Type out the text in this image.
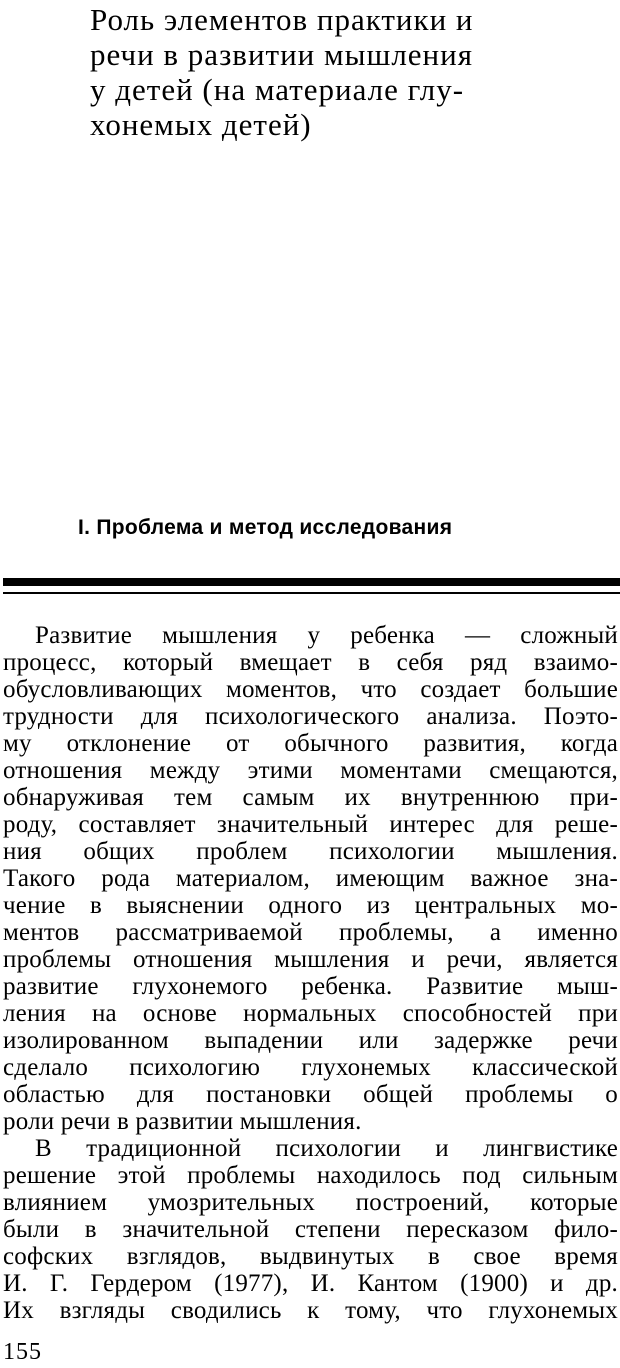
Роль элементов практики и
речи в развитии мышления
у детей (на материале глу-
хонемых детей)
I. Проблема и метод исследования
Развитие мышления у ребенка — сложный
процесс, который вмещает в себя ряд взаимо-
обусловливающих моментов, что создает большие
трудности для психологического анализа. Поэто-
му отклонение от обычного развития, когда
отношения между этими моментами смещаются,
обнаруживая тем самым их внутреннюю при-
роду, составляет значительный интерес для реше-
ния общих проблем психологии мышления.
Такого рода материалом, имеющим важное зна-
чение в выяснении одного из центральных мо-
ментов рассматриваемой проблемы, а именно
проблемы отношения мышления и речи, является
развитие глухонемого ребенка. Развитие мыш-
ления на основе нормальных способностей при
изолированном выпадении или задержке речи
сделало психологию глухонемых классической
областью для постановки общей проблемы о
роли речи в развитии мышления.
В традиционной психологии и лингвистике
решение этой проблемы находилось под сильным
влиянием умозрительных построений, которые
были в значительной степени пересказом фило-
софских взглядов, выдвинутых в свое время
И. Г. Гердером (1977), И. Кантом (1900) и др.
Их взгляды сводились к тому, что глухонемых
155
